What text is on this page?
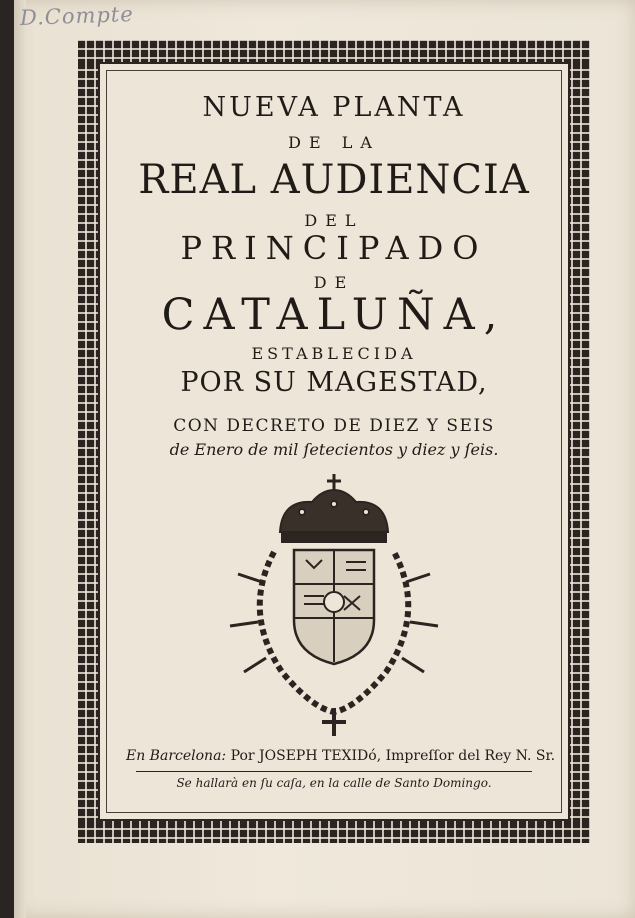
D.Compte
NUEVA PLANTA
DE LA
REAL AUDIENCIA
DEL
PRINCIPADO
DE
CATALUÑA,
ESTABLECIDA
POR SU MAGESTAD,
CON DECRETO DE DIEZ Y SEIS
de Enero de mil ſetecientos y diez y ſeis.
En Barcelona: Por JOSEPH TEXIDó, Impreſſor del Rey N. Sr.
Se hallarà en ſu caſa, en la calle de Santo Domingo.
